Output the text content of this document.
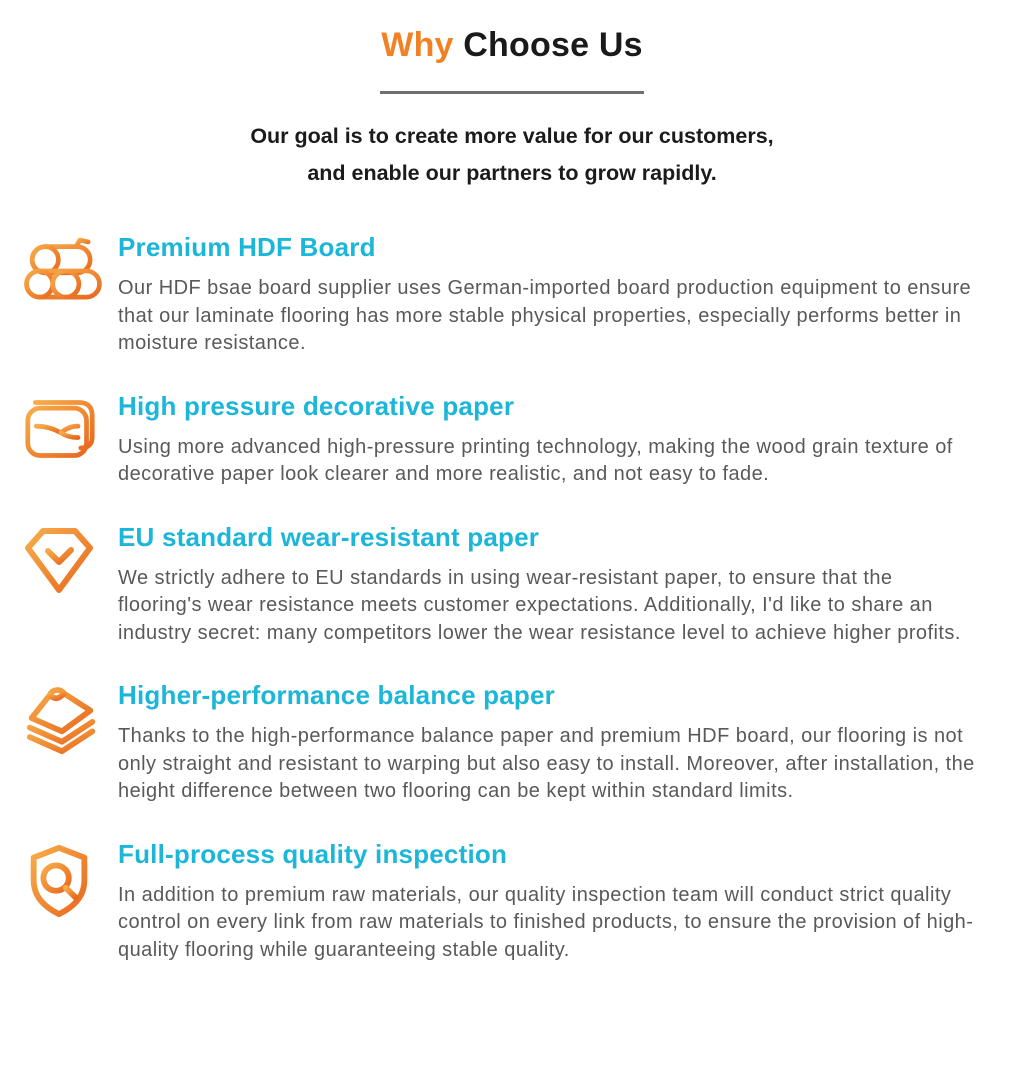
Why Choose Us
Our goal is to create more value for our customers,
and enable our partners to grow rapidly.
Premium HDF Board
Our HDF bsae board supplier uses German-imported board production equipment to ensure that our laminate flooring has more stable physical properties, especially performs better in moisture resistance.
High pressure decorative paper
Using more advanced high-pressure printing technology, making the wood grain texture of decorative paper look clearer and more realistic, and not easy to fade.
EU standard wear-resistant paper
We strictly adhere to EU standards in using wear-resistant paper, to ensure that the flooring's wear resistance meets customer expectations. Additionally, I'd like to share an industry secret: many competitors lower the wear resistance level to achieve higher profits.
Higher-performance balance paper
Thanks to the high-performance balance paper and premium HDF board, our flooring is not only straight and resistant to warping but also easy to install. Moreover, after installation, the height difference between two flooring can be kept within standard limits.
Full-process quality inspection
In addition to premium raw materials, our quality inspection team will conduct strict quality control on every link from raw materials to finished products, to ensure the provision of high-quality flooring while guaranteeing stable quality.
